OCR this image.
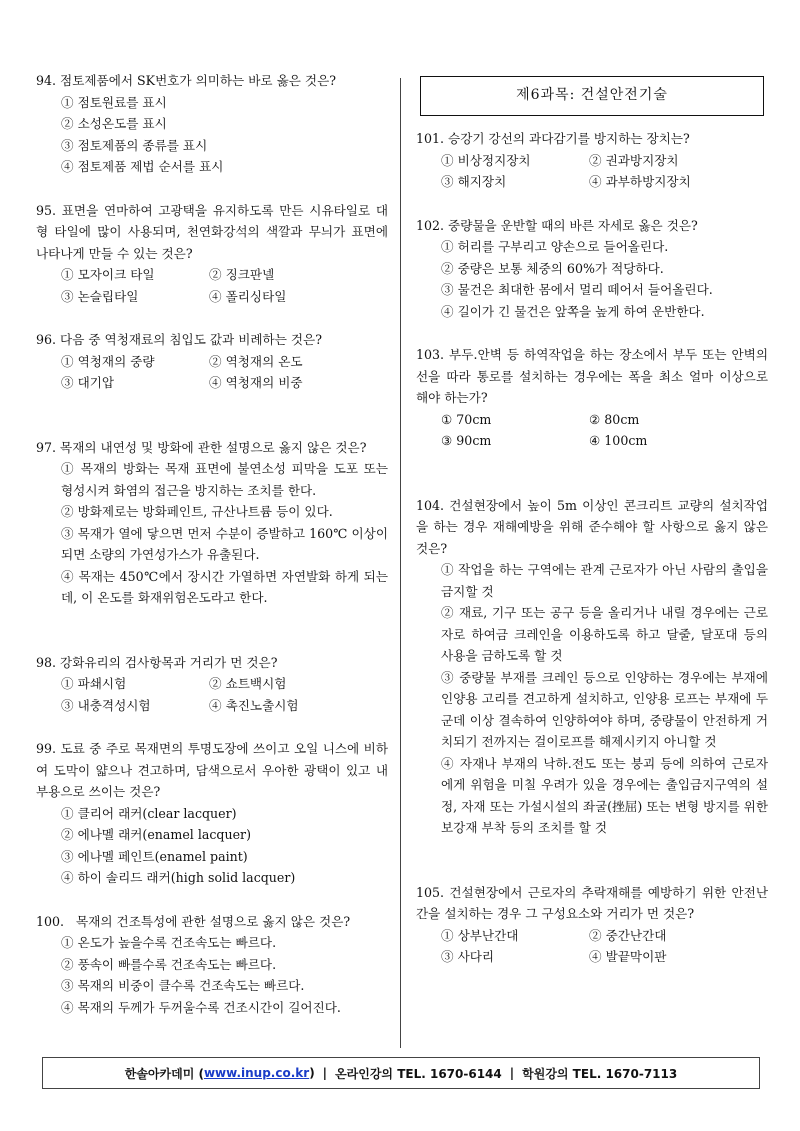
94. 점토제품에서 SK번호가 의미하는 바로 옳은 것은?

① 점토원료를 표시

② 소성온도를 표시

③ 점토제품의 종류를 표시

④ 점토제품 제법 순서를 표시

95. 표면을 연마하여 고광택을 유지하도록 만든 시유타일로 대형 타일에 많이 사용되며, 천연화강석의 색깔과 무늬가 표면에 나타나게 만들 수 있는 것은?

① 모자이크 타일	② 징크판넬
③ 논슬립타일	④ 폴리싱타일

96. 다음 중 역청재료의 침입도 값과 비례하는 것은?

① 역청재의 중량	② 역청재의 온도
③ 대기압	④ 역청재의 비중

97. 목재의 내연성 및 방화에 관한 설명으로 옳지 않은 것은?

① 목재의 방화는 목재 표면에 불연소성 피막을 도포 또는 형성시켜 화염의 접근을 방지하는 조치를 한다.

② 방화제로는 방화페인트, 규산나트륨 등이 있다.

③ 목재가 열에 닿으면 먼저 수분이 증발하고 160℃ 이상이 되면 소량의 가연성가스가 유출된다.

④ 목재는 450℃에서 장시간 가열하면 자연발화 하게 되는데, 이 온도를 화재위험온도라고 한다.

98. 강화유리의 검사항목과 거리가 먼 것은?

① 파쇄시험	② 쇼트백시험
③ 내충격성시험	④ 촉진노출시험

99. 도료 중 주로 목재면의 투명도장에 쓰이고 오일 니스에 비하여 도막이 얇으나 견고하며, 담색으로서 우아한 광택이 있고 내부용으로 쓰이는 것은?

① 클리어 래커(clear lacquer)

② 에나멜 래커(enamel lacquer)

③ 에나멜 페인트(enamel paint)

④ 하이 솔리드 래커(high solid lacquer)

100.   목재의 건조특성에 관한 설명으로 옳지 않은 것은?

① 온도가 높을수록 건조속도는 빠르다.

② 풍속이 빠를수록 건조속도는 빠르다.

③ 목재의 비중이 클수록 건조속도는 빠르다.

④ 목재의 두께가 두꺼울수록 건조시간이 길어진다.

제6과목: 건설안전기술

101. 승강기 강선의 과다감기를 방지하는 장치는?

① 비상정지장치	② 권과방지장치
③ 해지장치	④ 과부하방지장치

102. 중량물을 운반할 때의 바른 자세로 옳은 것은?

① 허리를 구부리고 양손으로 들어올린다.

② 중량은 보통 체중의 60%가 적당하다.

③ 물건은 최대한 몸에서 멀리 떼어서 들어올린다.

④ 길이가 긴 물건은 앞쪽을 높게 하여 운반한다.

103. 부두․안벽 등 하역작업을 하는 장소에서 부두 또는 안벽의 선을 따라 통로를 설치하는 경우에는 폭을 최소 얼마 이상으로 해야 하는가?

① 70cm	② 80cm
③ 90cm	④ 100cm

104. 건설현장에서 높이 5m 이상인 콘크리트 교량의 설치작업을 하는 경우 재해예방을 위해 준수해야 할 사항으로 옳지 않은 것은?

① 작업을 하는 구역에는 관계 근로자가 아닌 사람의 출입을 금지할 것

② 재료, 기구 또는 공구 등을 올리거나 내릴 경우에는 근로자로 하여금 크레인을 이용하도록 하고 달줄, 달포대 등의 사용을 금하도록 할 것

③ 중량물 부재를 크레인 등으로 인양하는 경우에는 부재에 인양용 고리를 견고하게 설치하고, 인양용 로프는 부재에 두 군데 이상 결속하여 인양하여야 하며, 중량물이 안전하게 거치되기 전까지는 걸이로프를 해제시키지 아니할 것

④ 자재나 부재의 낙하․전도 또는 붕괴 등에 의하여 근로자에게 위험을 미칠 우려가 있을 경우에는 출입금지구역의 설정, 자재 또는 가설시설의 좌굴(挫屈) 또는 변형 방지를 위한 보강재 부착 등의 조치를 할 것

105. 건설현장에서 근로자의 추락재해를 예방하기 위한 안전난간을 설치하는 경우 그 구성요소와 거리가 먼 것은?

① 상부난간대	② 중간난간대
③ 사다리	④ 발끝막이판
한솔아카데미 ( www.inup.co.kr ) | 온라인강의 TEL. 1670-6144 | 학원강의 TEL. 1670-7113
